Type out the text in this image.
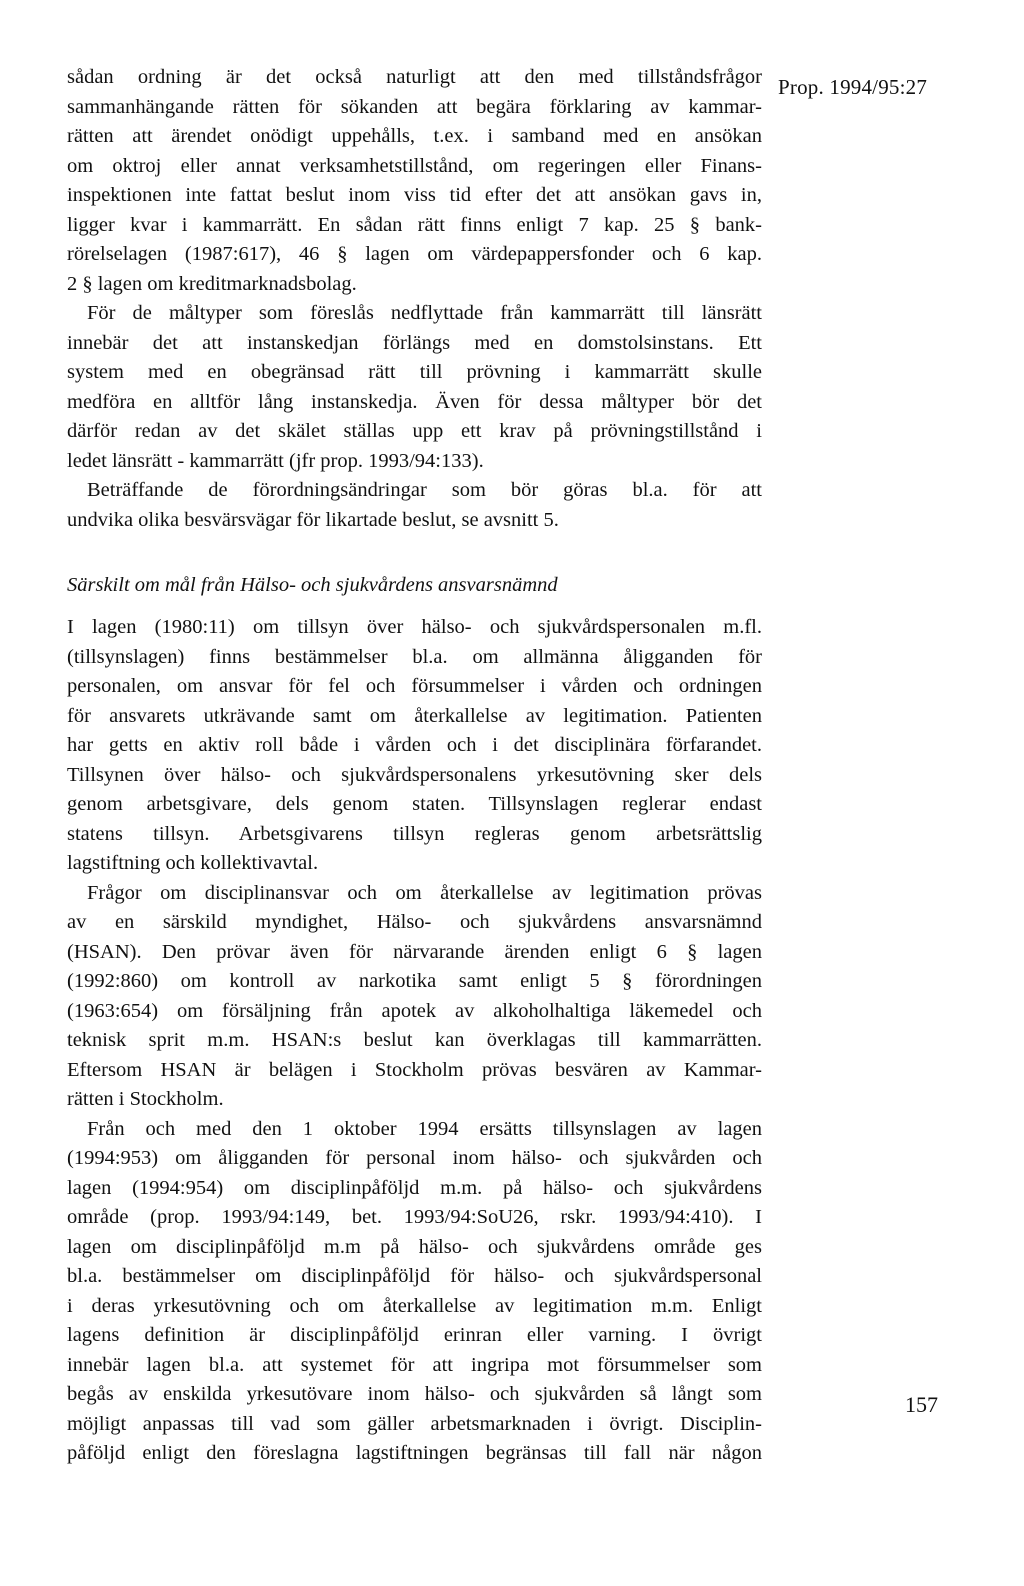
Prop. 1994/95:27
sådan ordning är det också naturligt att den med tillståndsfrågor
sammanhängande rätten för sökanden att begära förklaring av kammar-
rätten att ärendet onödigt uppehålls, t.ex. i samband med en ansökan
om oktroj eller annat verksamhetstillstånd, om regeringen eller Finans-
inspektionen inte fattat beslut inom viss tid efter det att ansökan gavs in,
ligger kvar i kammarrätt. En sådan rätt finns enligt 7 kap. 25 § bank-
rörelselagen (1987:617), 46 § lagen om värdepappersfonder och 6 kap.
2 § lagen om kreditmarknadsbolag.
För de måltyper som föreslås nedflyttade från kammarrätt till länsrätt
innebär det att instanskedjan förlängs med en domstolsinstans. Ett
system med en obegränsad rätt till prövning i kammarrätt skulle
medföra en alltför lång instanskedja. Även för dessa måltyper bör det
därför redan av det skälet ställas upp ett krav på prövningstillstånd i
ledet länsrätt - kammarrätt (jfr prop. 1993/94:133).
Beträffande de förordningsändringar som bör göras bl.a. för att
undvika olika besvärsvägar för likartade beslut, se avsnitt 5.
Särskilt om mål från Hälso- och sjukvårdens ansvarsnämnd
I lagen (1980:11) om tillsyn över hälso- och sjukvårdspersonalen m.fl.
(tillsynslagen) finns bestämmelser bl.a. om allmänna åligganden för
personalen, om ansvar för fel och försummelser i vården och ordningen
för ansvarets utkrävande samt om återkallelse av legitimation. Patienten
har getts en aktiv roll både i vården och i det disciplinära förfarandet.
Tillsynen över hälso- och sjukvårdspersonalens yrkesutövning sker dels
genom arbetsgivare, dels genom staten. Tillsynslagen reglerar endast
statens tillsyn. Arbetsgivarens tillsyn regleras genom arbetsrättslig
lagstiftning och kollektivavtal.
Frågor om disciplinansvar och om återkallelse av legitimation prövas
av en särskild myndighet, Hälso- och sjukvårdens ansvarsnämnd
(HSAN). Den prövar även för närvarande ärenden enligt 6 § lagen
(1992:860) om kontroll av narkotika samt enligt 5 § förordningen
(1963:654) om försäljning från apotek av alkoholhaltiga läkemedel och
teknisk sprit m.m. HSAN:s beslut kan överklagas till kammarrätten.
Eftersom HSAN är belägen i Stockholm prövas besvären av Kammar-
rätten i Stockholm.
Från och med den 1 oktober 1994 ersätts tillsynslagen av lagen
(1994:953) om åligganden för personal inom hälso- och sjukvården och
lagen (1994:954) om disciplinpåföljd m.m. på hälso- och sjukvårdens
område (prop. 1993/94:149, bet. 1993/94:SoU26, rskr. 1993/94:410). I
lagen om disciplinpåföljd m.m på hälso- och sjukvårdens område ges
bl.a. bestämmelser om disciplinpåföljd för hälso- och sjukvårdspersonal
i deras yrkesutövning och om återkallelse av legitimation m.m. Enligt
lagens definition är disciplinpåföljd erinran eller varning. I övrigt
innebär lagen bl.a. att systemet för att ingripa mot försummelser som
begås av enskilda yrkesutövare inom hälso- och sjukvården så långt som
möjligt anpassas till vad som gäller arbetsmarknaden i övrigt. Disciplin-
påföljd enligt den föreslagna lagstiftningen begränsas till fall när någon
157
